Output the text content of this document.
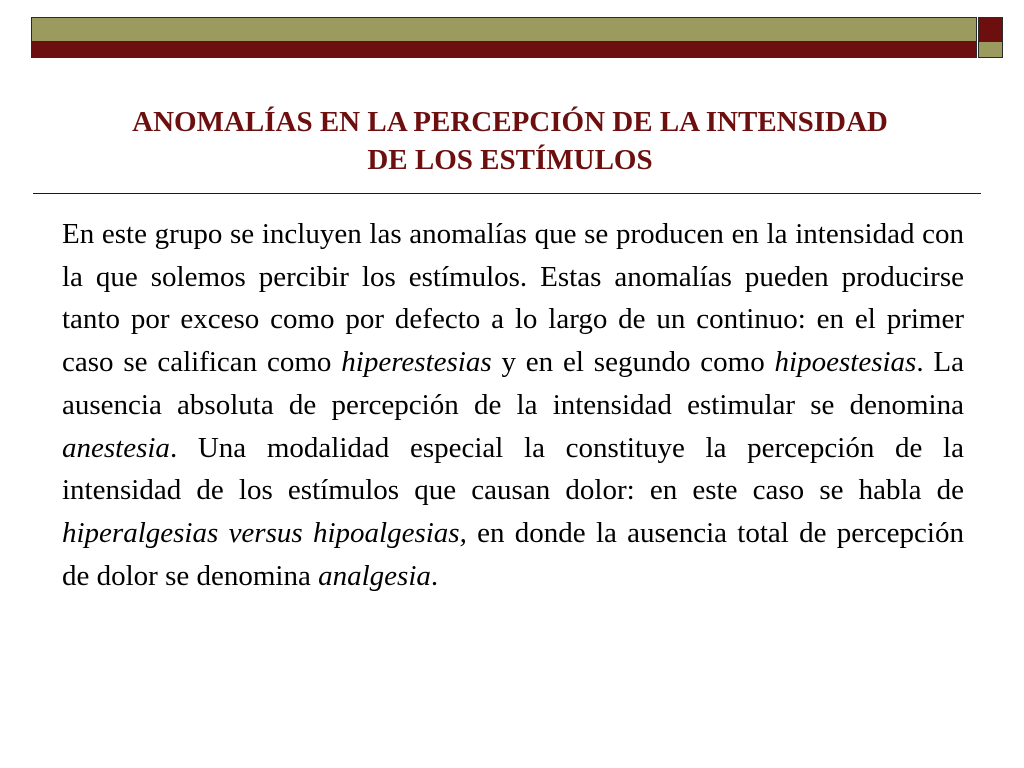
ANOMALÍAS EN LA PERCEPCIÓN DE LA INTENSIDAD
DE LOS ESTÍMULOS

En este grupo se incluyen las anomalías que se producen en la intensidad con la que solemos percibir los estímulos. Estas anomalías pueden producirse tanto por exceso como por defecto a lo largo de un continuo: en el primer caso se califican como hiperestesias y en el segundo como hipoestesias. La ausencia absoluta de percepción de la intensidad estimular se denomina anestesia. Una modalidad especial la constituye la percepción de la intensidad de los estímulos que causan dolor: en este caso se habla de hiperalgesias versus hipoalgesias, en donde la ausencia total de percepción de dolor se denomina analgesia.
